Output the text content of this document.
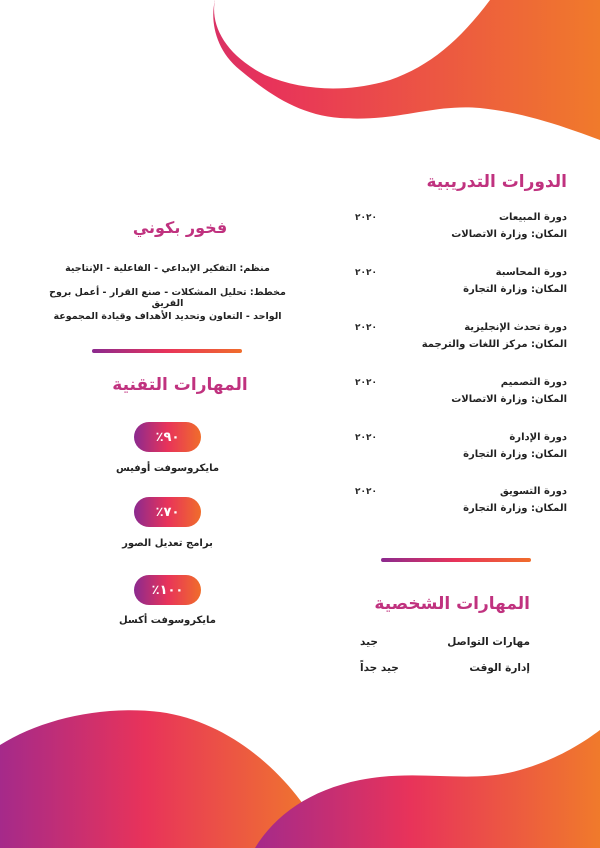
الدورات التدريبية
دورة المبيعات
٢٠٢٠
المكان: وزارة الاتصالات
دورة المحاسبة
٢٠٢٠
المكان: وزارة التجارة
دورة تحدث الإنجليزية
٢٠٢٠
المكان: مركز اللغات والترجمة
دورة التصميم
٢٠٢٠
المكان: وزارة الاتصالات
دورة الإدارة
٢٠٢٠
المكان: وزارة التجارة
دورة التسويق
٢٠٢٠
المكان: وزارة التجارة
المهارات الشخصية
مهارات التواصل
جيد
إدارة الوقت
جيد جداً
فخور بكوني
منظم: التفكير الإبداعي - الفاعلية - الإنتاجية
مخطط: تحليل المشكلات - صنع القرار - أعمل بروح الفريق
الواحد - التعاون وتحديد الأهداف وقيادة المجموعة
المهارات التقنية
٪٩٠
مايكروسوفت أوفيس
٪٧٠
برامج تعديل الصور
٪١٠٠
مايكروسوفت أكسل
